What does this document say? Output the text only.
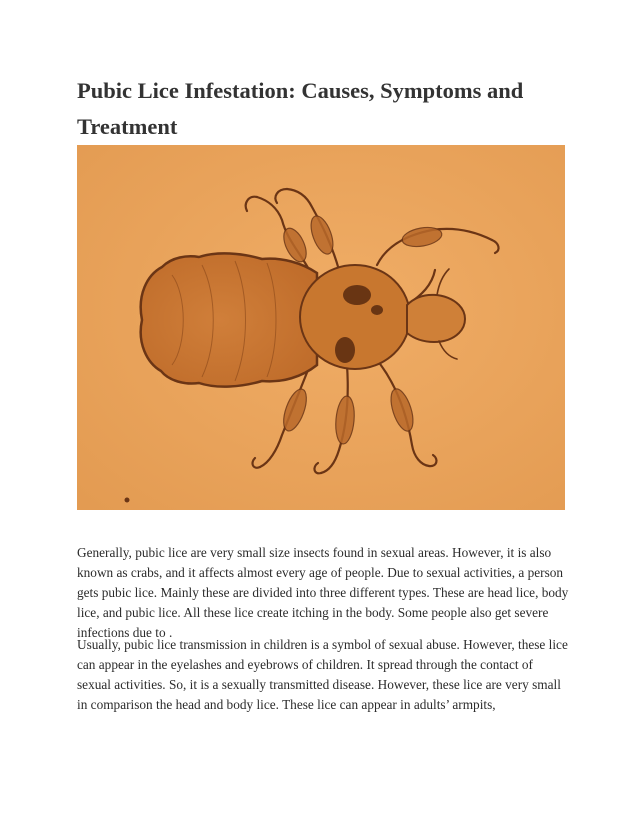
Pubic Lice Infestation: Causes, Symptoms and Treatment

Generally, pubic lice are very small size insects found in sexual areas. However, it is also known as crabs, and it affects almost every age of people. Due to sexual activities, a person gets pubic lice. Mainly these are divided into three different types. These are head lice, body lice, and pubic lice. All these lice create itching in the body. Some people also get severe infections due to .

Usually, pubic lice transmission in children is a symbol of sexual abuse. However, these lice can appear in the eyelashes and eyebrows of children. It spread through the contact of sexual activities. So, it is a sexually transmitted disease. However, these lice are very small in comparison the head and body lice. These lice can appear in adults’ armpits,
